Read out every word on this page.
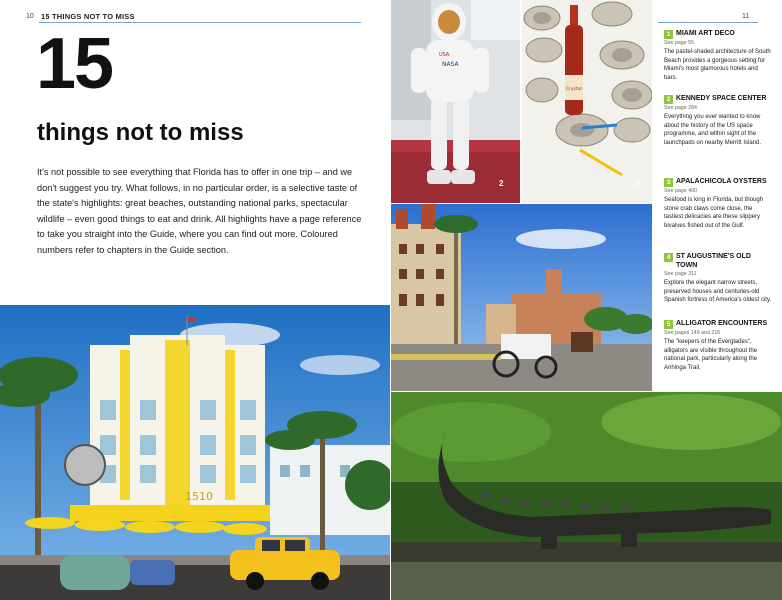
10 15 THINGS NOT TO MISS	11
15
things not to miss
It's not possible to see everything that Florida has to offer in one trip – and we don't suggest you try. What follows, in no particular order, is a selective taste of the state's highlights: great beaches, outstanding national parks, spectacular wildlife – even good things to eat and drink. All highlights have a page reference to take you straight into the Guide, where you can find out more. Coloured numbers refer to chapters in the Guide section.
1510
NASA
USA
2
Crystal
3
1 MIAMI ART DECO
See page 55
The pastel-shaded architecture of South Beach provides a gorgeous setting for Miami's most glamorous hotels and bars.
2 KENNEDY SPACE CENTER
See page 284
Everything you ever wanted to know about the history of the US space programme, and within sight of the launchpads on nearby Merritt Island.
3 APALACHICOLA OYSTERS
See page 400
Seafood is king in Florida, but though stone crab claws come close, the tastiest delicacies are these slippery bivalves fished out of the Gulf.
4 ST AUGUSTINE'S OLD TOWN
See page 311
Explore the elegant narrow streets, preserved houses and centuries-old Spanish fortress of America's oldest city.
5 ALLIGATOR ENCOUNTERS
See pages 149 and 216
The "keepers of the Everglades", alligators are visible throughout the national park, particularly along the Anhinga Trail.
